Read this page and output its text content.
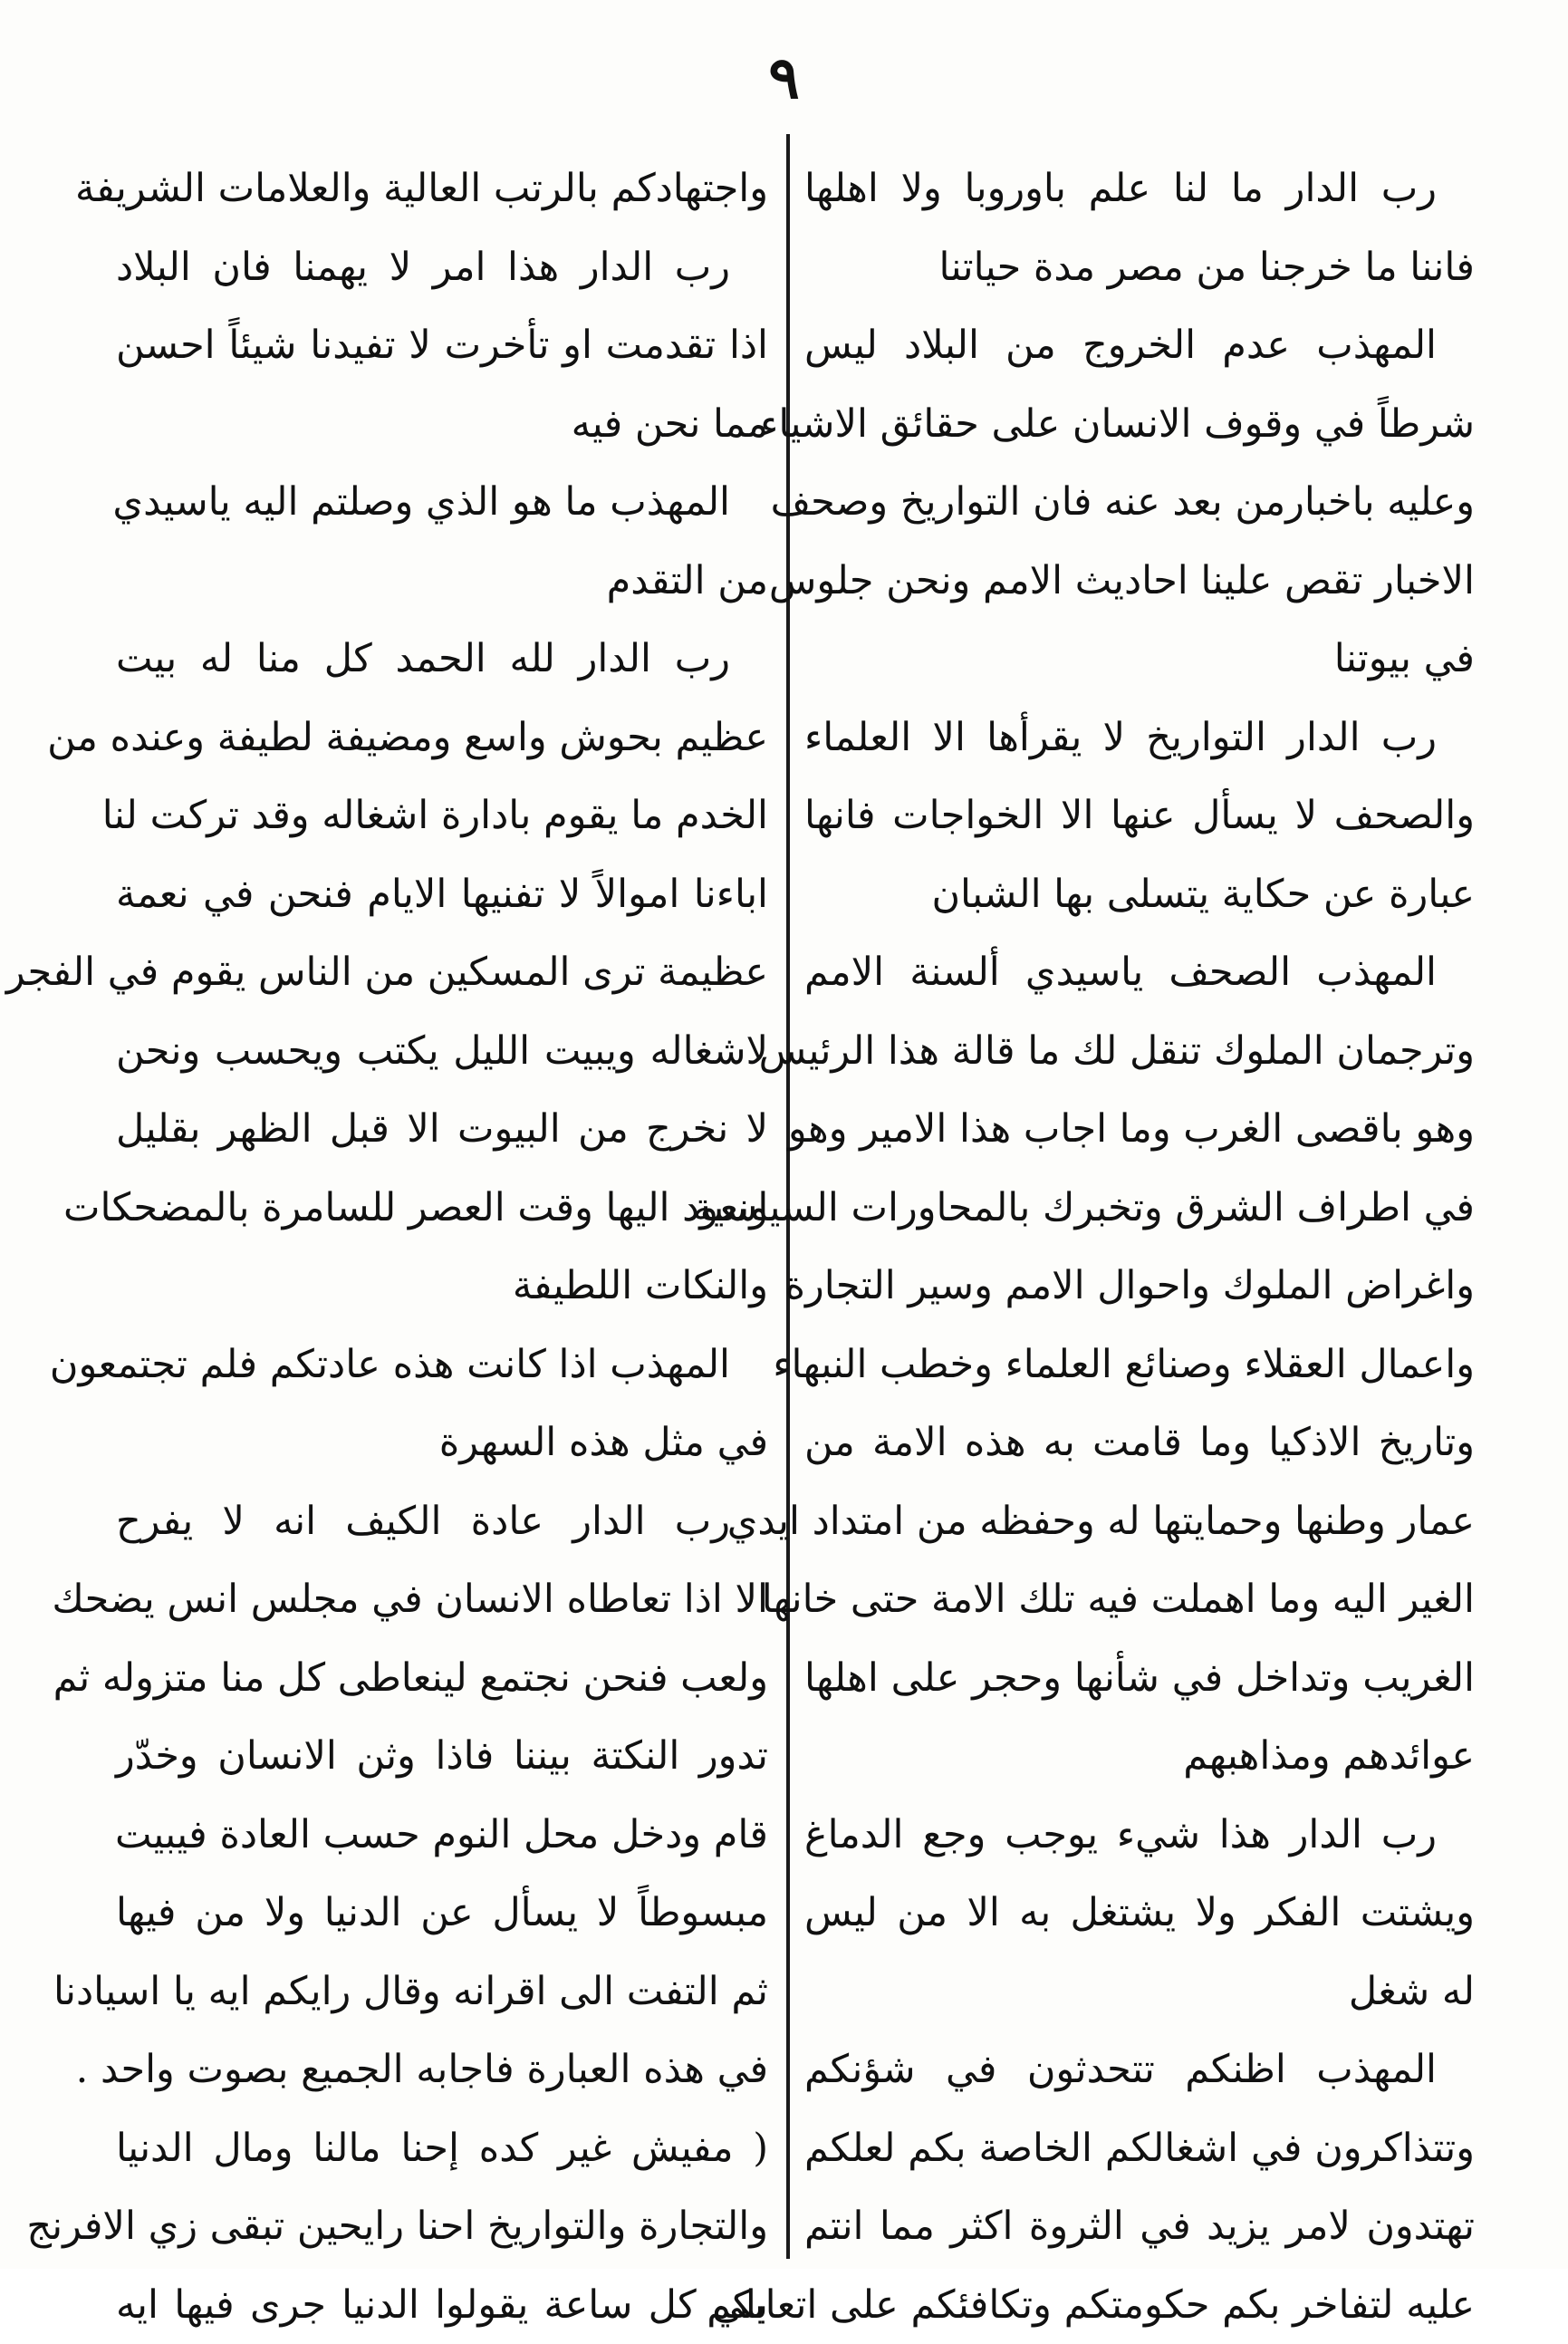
٩
رب الدار ما لنا علم باوروبا ولا اهلها
فاننا ما خرجنا من مصر مدة حياتنا
المهذب عدم الخروج من البلاد ليس
شرطاً في وقوف الانسان على حقائق الاشياء
وعليه باخبارمن بعد عنه فان التواريخ وصحف
الاخبار تقص علينا احاديث الامم ونحن جلوس
في بيوتنا
رب الدار التواريخ لا يقرأها الا العلماء
والصحف لا يسأل عنها الا الخواجات فانها
عبارة عن حكاية يتسلى بها الشبان
المهذب الصحف ياسيدي ألسنة الامم
وترجمان الملوك تنقل لك ما قالة هذا الرئيس
وهو باقصى الغرب وما اجاب هذا الامير وهو
في اطراف الشرق وتخبرك بالمحاورات السياسية
واغراض الملوك واحوال الامم وسير التجارة
واعمال العقلاء وصنائع العلماء وخطب النبهاء
وتاريخ الاذكيا وما قامت به هذه الامة من
عمار وطنها وحمايتها له وحفظه من امتداد ايدي
الغير اليه وما اهملت فيه تلك الامة حتى خانها
الغريب وتداخل في شأنها وحجر على اهلها
عوائدهم ومذاهبهم
رب الدار هذا شيء يوجب وجع الدماغ
ويشتت الفكر ولا يشتغل به الا من ليس
له شغل
المهذب اظنكم تتحدثون في شؤنكم
وتتذاكرون في اشغالكم الخاصة بكم لعلكم
تهتدون لامر يزيد في الثروة اكثر مما انتم
عليه لتفاخر بكم حكومتكم وتكافئكم على اتعابكم
واجتهادكم بالرتب العالية والعلامات الشريفة
رب الدار هذا امر لا يهمنا فان البلاد
اذا تقدمت او تأخرت لا تفيدنا شيئاً احسن
مما نحن فيه
المهذب ما هو الذي وصلتم اليه ياسيدي
من التقدم
رب الدار لله الحمد كل منا له بيت
عظيم بحوش واسع ومضيفة لطيفة وعنده من
الخدم ما يقوم بادارة اشغاله وقد تركت لنا
اباءنا اموالاً لا تفنيها الايام فنحن في نعمة
عظيمة ترى المسكين من الناس يقوم في الفجر
لاشغاله ويبيت الليل يكتب ويحسب ونحن
لا نخرج من البيوت الا قبل الظهر بقليل
ونعود اليها وقت العصر للسامرة بالمضحكات
والنكات اللطيفة
المهذب اذا كانت هذه عادتكم فلم تجتمعون
في مثل هذه السهرة
رب الدار عادة الكيف انه لا يفرح
الا اذا تعاطاه الانسان في مجلس انس يضحك
ولعب فنحن نجتمع لينعاطى كل منا متزوله ثم
تدور النكتة بيننا فاذا وثن الانسان وخدّر
قام ودخل محل النوم حسب العادة فيبيت
مبسوطاً لا يسأل عن الدنيا ولا من فيها
ثم التفت الى اقرانه وقال رايكم ايه يا اسيادنا
في هذه العبارة فاجابه الجميع بصوت واحد .
( مفيش غير كده إحنا مالنا ومال الدنيا
والتجارة والتواريخ احنا رايحين تبقى زي الافرنج
بلي كل ساعة يقولوا الدنيا جرى فيها ايه
